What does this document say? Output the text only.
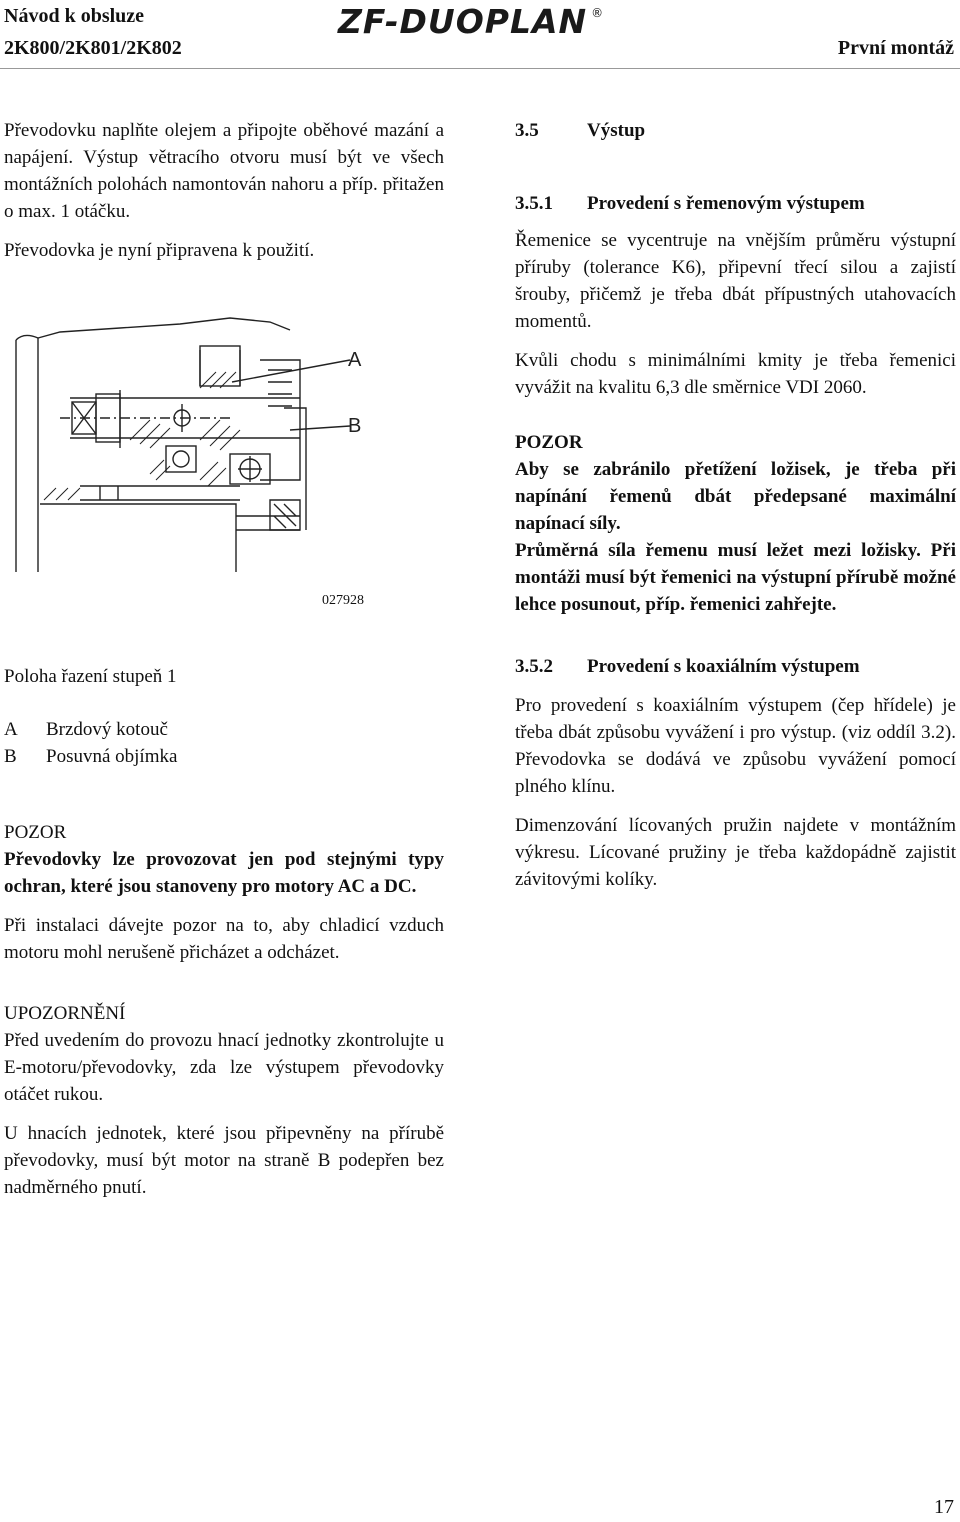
Návod k obsluze
2K800/2K801/2K802
ZF-DUOPLAN ®
První montáž

Převodovku naplňte olejem a připojte oběhové mazání a napájení. Výstup větracího otvoru musí být ve všech montážních polohách namontován nahoru a příp. přitažen o max. 1 otáčku.

Převodovka je nyní připravena k použití.

A
B
027928
Poloha řazení stupeň 1
A	Brzdový kotouč
B	Posuvná objímka

POZOR

Převodovky lze provozovat jen pod stejnými typy ochran, které jsou stanoveny pro motory AC a DC.

Při instalaci dávejte pozor na to, aby chladicí vzduch motoru mohl nerušeně přicházet a odcházet.

UPOZORNĚNÍ

Před uvedením do provozu hnací jednotky zkontrolujte u E-motoru/převodovky, zda lze výstupem převodovky otáčet rukou.

U hnacích jednotek, které jsou připevněny na přírubě převodovky, musí být motor na straně B podepřen bez nadměrného pnutí.

3.5	Výstup
3.5.1 Provedení s řemenovým výstupem

Řemenice se vycentruje na vnějším průměru výstupní příruby (tolerance K6), připevní třecí silou a zajistí šrouby, přičemž je třeba dbát přípustných utahovacích momentů.

Kvůli chodu s minimálními kmity je třeba řemenici vyvážit na kvalitu 6,3 dle směrnice VDI 2060.

POZOR

Aby se zabránilo přetížení ložisek, je třeba při napínání řemenů dbát předepsané maximální napínací síly.

Průměrná síla řemenu musí ležet mezi ložisky. Při montáži musí být řemenici na výstupní přírubě možné lehce posunout, příp. řemenici zahřejte.

3.5.2 Provedení s koaxiálním výstupem

Pro provedení s koaxiálním výstupem (čep hřídele) je třeba dbát způsobu vyvážení i pro výstup. (viz oddíl 3.2). Převodovka se dodává ve způsobu vyvážení pomocí plného klínu.

Dimenzování lícovaných pružin najdete v montážním výkresu. Lícované pružiny je třeba každopádně zajistit závitovými kolíky.

17
